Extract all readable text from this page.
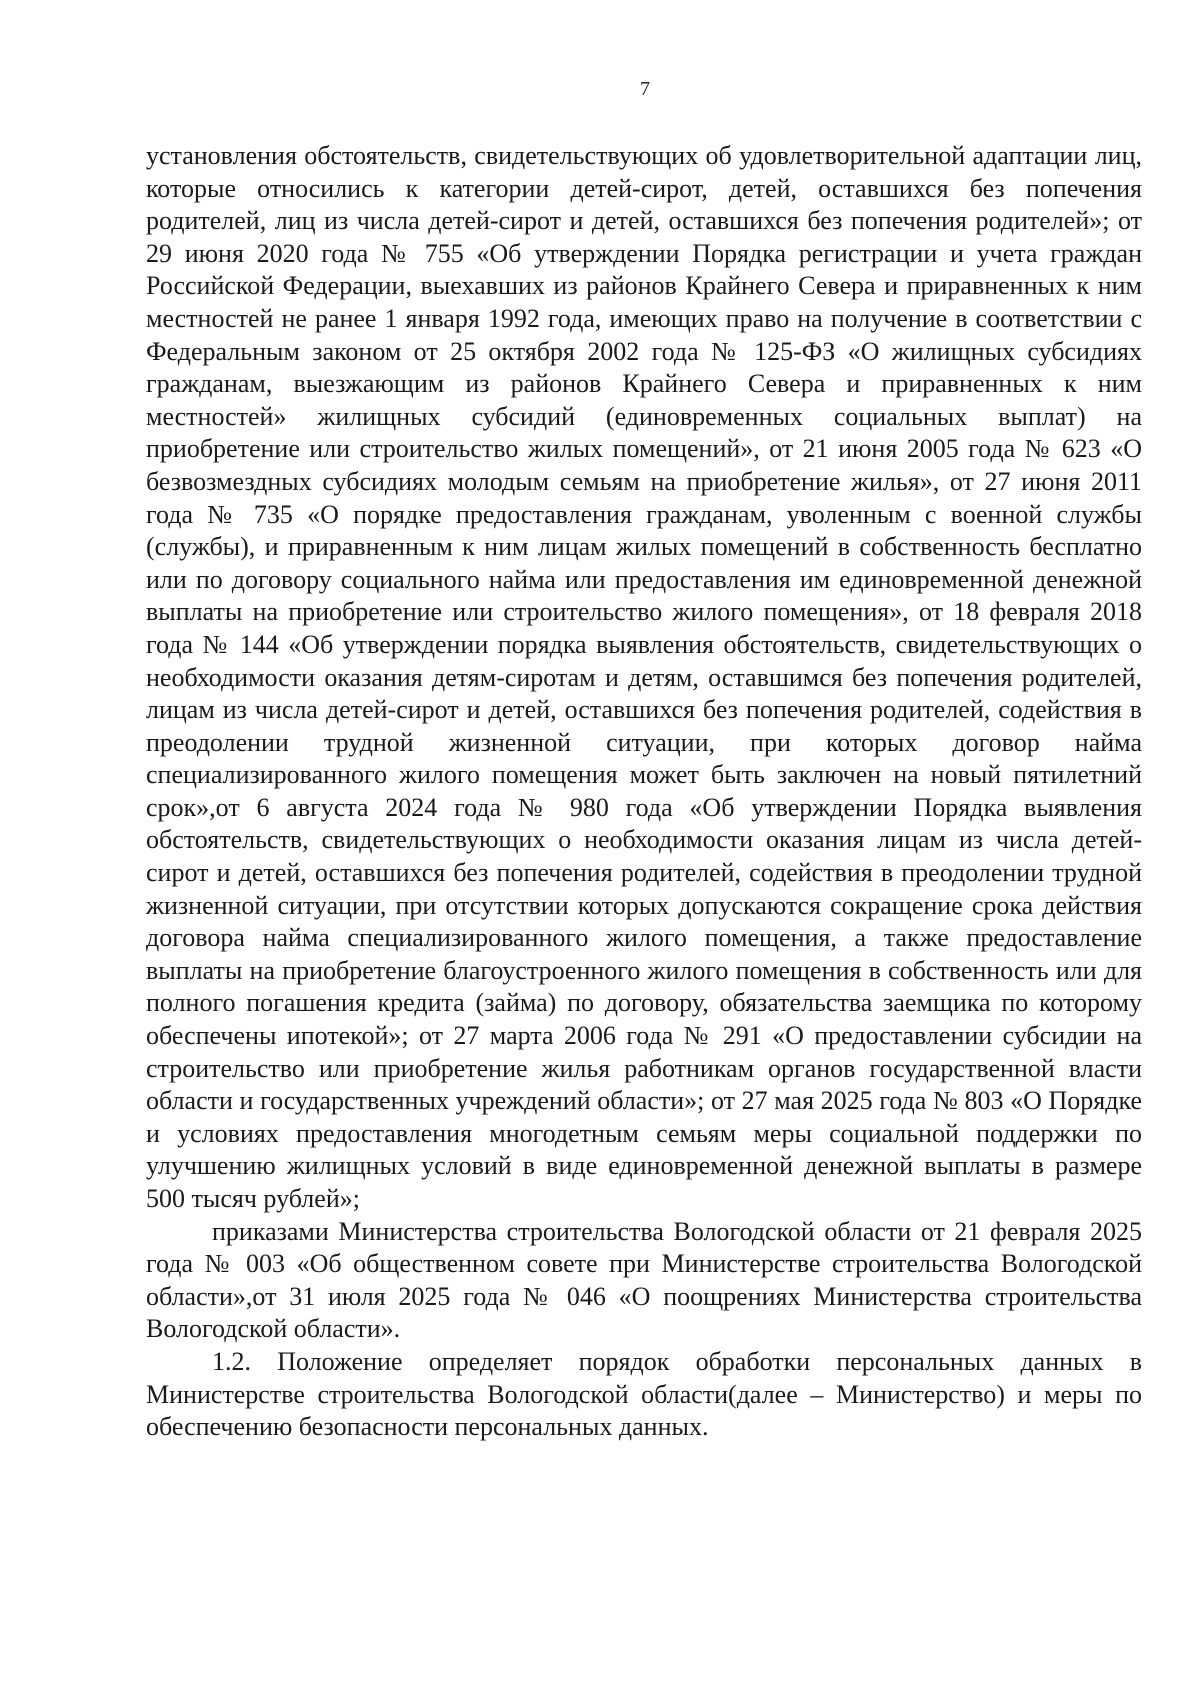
7

установления обстоятельств, свидетельствующих об удовлетворительной адаптации лиц, которые относились к категории детей-сирот, детей, оставшихся без попечения родителей, лиц из числа детей-сирот и детей, оставшихся без попечения родителей»; от 29 июня 2020 года № 755 «Об утверждении Порядка регистрации и учета граждан Российской Федерации, выехавших из районов Крайнего Севера и приравненных к ним местностей не ранее 1 января 1992 года, имеющих право на получение в соответствии с Федеральным законом от 25 октября 2002 года № 125-ФЗ «О жилищных субсидиях гражданам, выезжающим из районов Крайнего Севера и приравненных к ним местностей» жилищных субсидий (единовременных социальных выплат) на приобретение или строительство жилых помещений», от 21 июня 2005 года № 623 «О безвозмездных субсидиях молодым семьям на приобретение жилья», от 27 июня 2011 года № 735 «О порядке предоставления гражданам, уволенным с военной службы (службы), и приравненным к ним лицам жилых помещений в собственность бесплатно или по договору социального найма или предоставления им единовременной денежной выплаты на приобретение или строительство жилого помещения», от 18 февраля 2018 года № 144 «Об утверждении порядка выявления обстоятельств, свидетельствующих о необходимости оказания детям-сиротам и детям, оставшимся без попечения родителей, лицам из числа детей-сирот и детей, оставшихся без попечения родителей, содействия в преодолении трудной жизненной ситуации, при которых договор найма специализированного жилого помещения может быть заключен на новый пятилетний срок»,от 6 августа 2024 года № 980 года «Об утверждении Порядка выявления обстоятельств, свидетельствующих о необходимости оказания лицам из числа детей-сирот и детей, оставшихся без попечения родителей, содействия в преодолении трудной жизненной ситуации, при отсутствии которых допускаются сокращение срока действия договора найма специализированного жилого помещения, а также предоставление выплаты на приобретение благоустроенного жилого помещения в собственность или для полного погашения кредита (займа) по договору, обязательства заемщика по которому обеспечены ипотекой»; от 27 марта 2006 года № 291 «О предоставлении субсидии на строительство или приобретение жилья работникам органов государственной власти области и государственных учреждений области»; от 27 мая 2025 года № 803 «О Порядке и условиях предоставления многодетным семьям меры социальной поддержки по улучшению жилищных условий в виде единовременной денежной выплаты в размере 500 тысяч рублей»;

приказами Министерства строительства Вологодской области от 21 февраля 2025 года № 003 «Об общественном совете при Министерстве строительства Вологодской области»,от 31 июля 2025 года № 046 «О поощрениях Министерства строительства Вологодской области».

1.2. Положение определяет порядок обработки персональных данных в Министерстве строительства Вологодской области(далее – Министерство) и меры по обеспечению безопасности персональных данных.
